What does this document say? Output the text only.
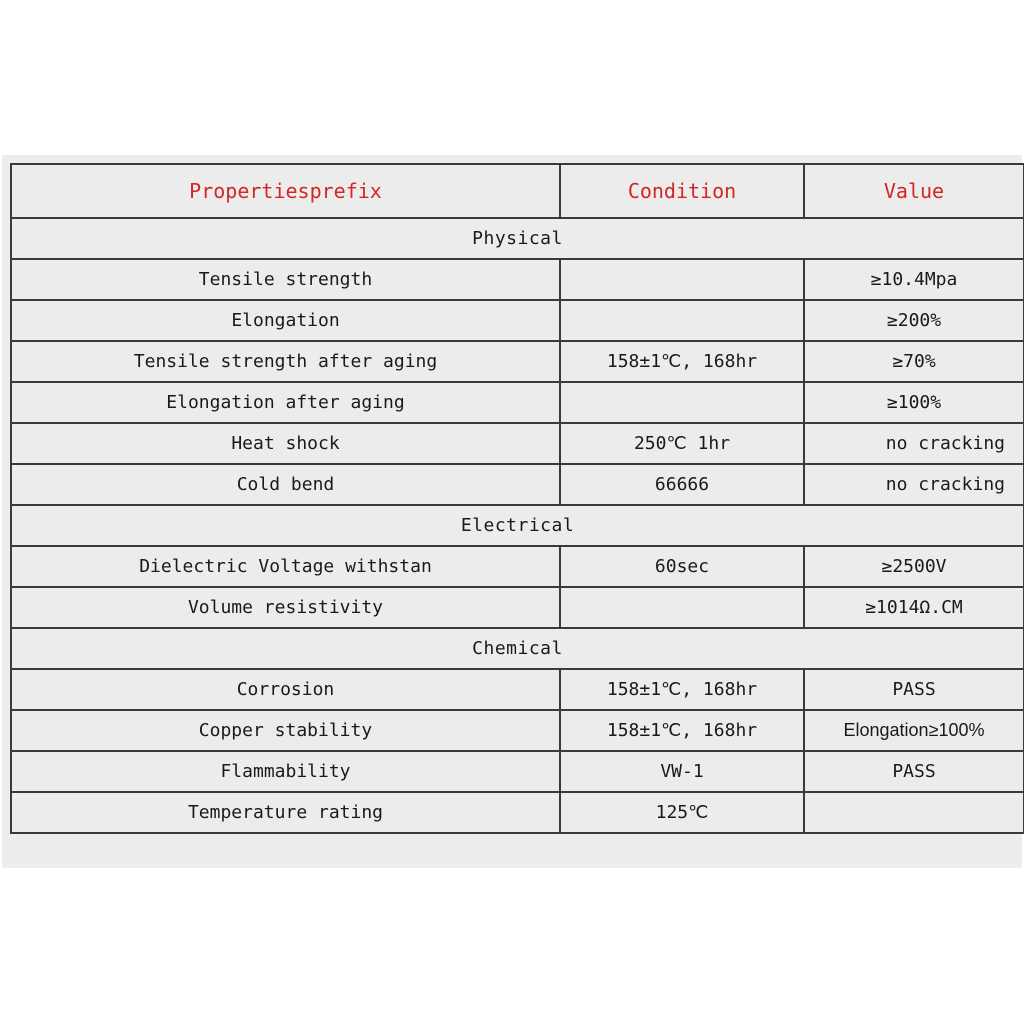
Propertiesprefix	Condition	Value
Physical		
Tensile strength		≥10.4Mpa
Elongation		≥200%
Tensile strength after aging	158±1℃, 168hr	≥70%
Elongation after aging		≥100%
Heat shock	250℃ 1hr	no cracking
Cold bend	66666	no cracking
Electrical		
Dielectric Voltage withstan	60sec	≥2500V
Volume resistivity		≥1014Ω.CM
Chemical		
Corrosion	158±1℃, 168hr	PASS
Copper stability	158±1℃, 168hr	Elongation≥100%
Flammability	VW-1	PASS
Temperature rating	125℃	
